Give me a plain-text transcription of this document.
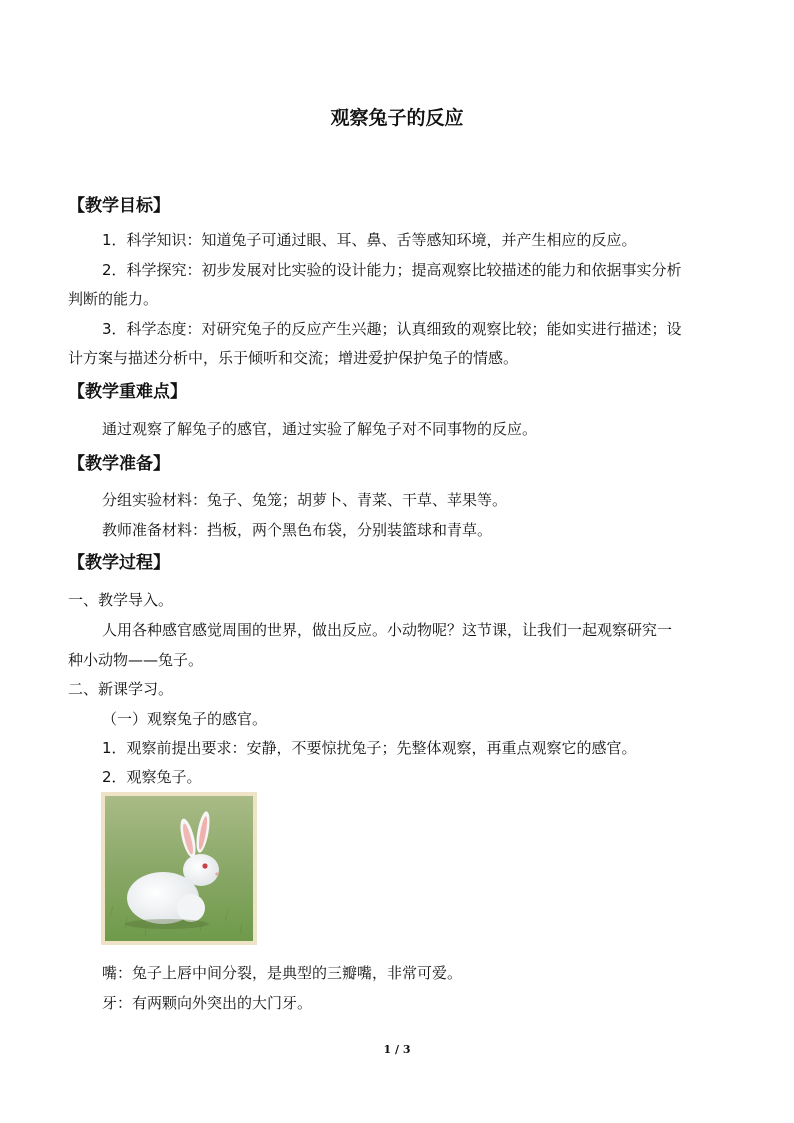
观察兔子的反应
【教学目标】
1．科学知识：知道兔子可通过眼、耳、鼻、舌等感知环境，并产生相应的反应。
2．科学探究：初步发展对比实验的设计能力；提高观察比较描述的能力和依据事实分析
判断的能力。
3．科学态度：对研究兔子的反应产生兴趣；认真细致的观察比较；能如实进行描述；设
计方案与描述分析中，乐于倾听和交流；增进爱护保护兔子的情感。
【教学重难点】
通过观察了解兔子的感官，通过实验了解兔子对不同事物的反应。
【教学准备】
分组实验材料：兔子、兔笼；胡萝卜、青菜、干草、苹果等。
教师准备材料：挡板，两个黑色布袋，分别装篮球和青草。
【教学过程】
一、教学导入。
人用各种感官感觉周围的世界，做出反应。小动物呢？这节课，让我们一起观察研究一
种小动物——兔子。
二、新课学习。
（一）观察兔子的感官。
1．观察前提出要求：安静，不要惊扰兔子；先整体观察，再重点观察它的感官。
2．观察兔子。
嘴：兔子上唇中间分裂，是典型的三瓣嘴，非常可爱。
牙：有两颗向外突出的大门牙。
1 / 3
